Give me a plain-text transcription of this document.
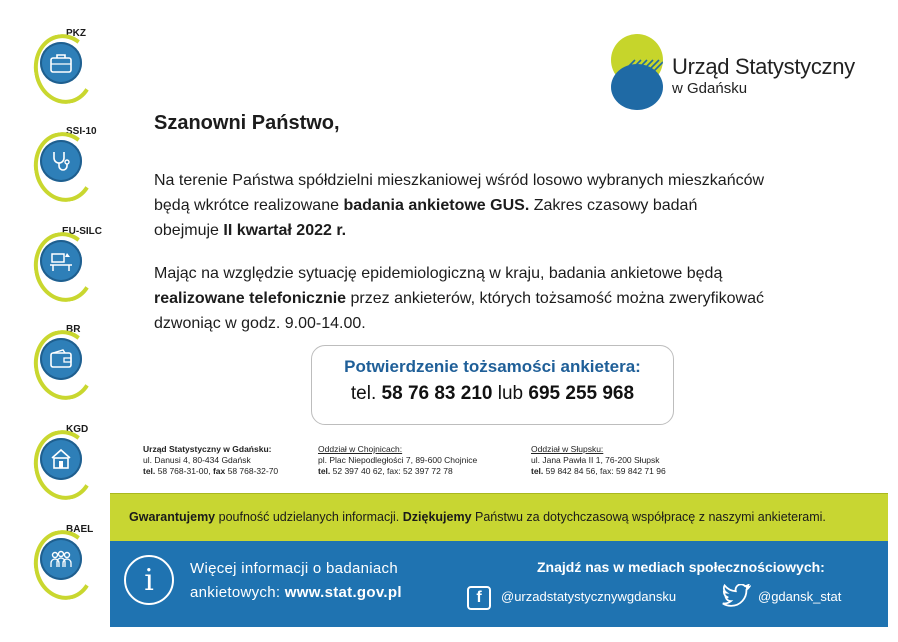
PKZ
SSI-10
EU-SILC
BR
KGD
BAEL
Urząd Statystyczny
w Gdańsku
Szanowni Państwo,
Na terenie Państwa spółdzielni mieszkaniowej wśród losowo wybranych mieszkańców
będą wkrótce realizowane badania ankietowe GUS. Zakres czasowy badań
obejmuje II kwartał 2022 r.
Mając na względzie sytuację epidemiologiczną w kraju, badania ankietowe będą
realizowane telefonicznie przez ankieterów, których tożsamość można zweryfikować
dzwoniąc w godz. 9.00-14.00.
Potwierdzenie tożsamości ankietera:
tel. 58 76 83 210 lub 695 255 968
Urząd Statystyczny w Gdańsku:
ul. Danusi 4, 80-434 Gdańsk
tel. 58 768-31-00, fax 58 768-32-70
Oddział w Chojnicach:
pl. Plac Niepodległości 7, 89-600 Chojnice
tel. 52 397 40 62, fax: 52 397 72 78
Oddział w Słupsku:
ul. Jana Pawła II 1, 76-200 Słupsk
tel. 59 842 84 56, fax: 59 842 71 96
Gwarantujemy poufność udzielanych informacji. Dziękujemy Państwu za dotychczasową współpracę z naszymi ankieterami.
i	Więcej informacji o badaniach
ankietowych: www.stat.gov.pl
Znajdź nas w mediach społecznościowych:
f	@urzadstatystycznywgdansku	@gdansk_stat
